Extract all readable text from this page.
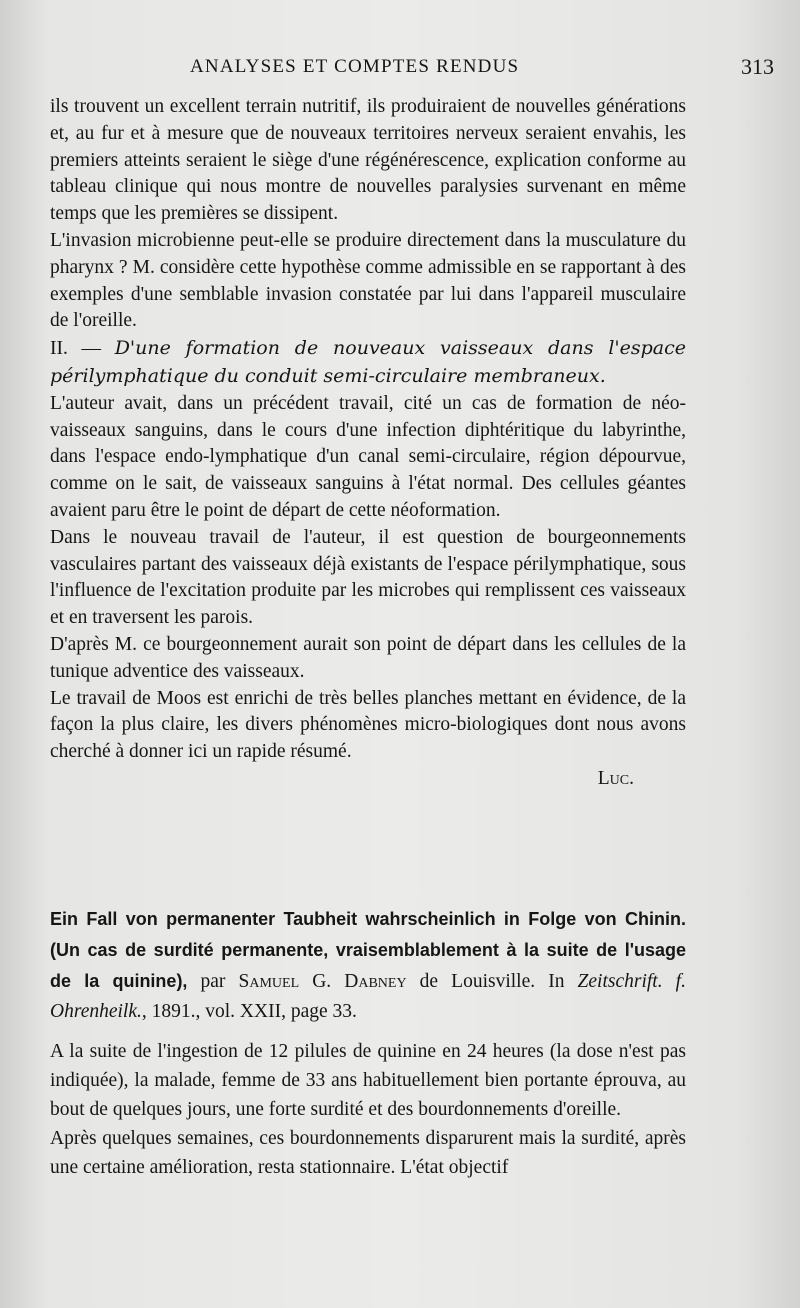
ANALYSES ET COMPTES RENDUS	313

ils trouvent un excellent terrain nutritif, ils produiraient de nouvelles générations et, au fur et à mesure que de nouveaux territoires nerveux seraient envahis, les premiers atteints seraient le siège d'une régénérescence, explication conforme au tableau clinique qui nous montre de nouvelles paralysies survenant en même temps que les premières se dissipent.

L'invasion microbienne peut-elle se produire directement dans la musculature du pharynx ? M. considère cette hypothèse comme admissible en se rapportant à des exemples d'une semblable invasion constatée par lui dans l'appareil musculaire de l'oreille.

II. — D'une formation de nouveaux vaisseaux dans l'espace périlymphatique du conduit semi-circulaire membraneux.

L'auteur avait, dans un précédent travail, cité un cas de formation de néo-vaisseaux sanguins, dans le cours d'une infection diphtéritique du labyrinthe, dans l'espace endo-lymphatique d'un canal semi-circulaire, région dépourvue, comme on le sait, de vaisseaux sanguins à l'état normal. Des cellules géantes avaient paru être le point de départ de cette néoformation.

Dans le nouveau travail de l'auteur, il est question de bourgeonnements vasculaires partant des vaisseaux déjà existants de l'espace périlymphatique, sous l'influence de l'excitation produite par les microbes qui remplissent ces vaisseaux et en traversent les parois.

D'après M. ce bourgeonnement aurait son point de départ dans les cellules de la tunique adventice des vaisseaux.

Le travail de Moos est enrichi de très belles planches mettant en évidence, de la façon la plus claire, les divers phénomènes micro-biologiques dont nous avons cherché à donner ici un rapide résumé.

Luc.

Ein Fall von permanenter Taubheit wahrscheinlich in Folge von Chinin. (Un cas de surdité permanente, vraisemblablement à la suite de l'usage de la quinine), par Samuel G. Dabney de Louisville. In Zeitschrift. f. Ohrenheilk., 1891., vol. XXII, page 33.

A la suite de l'ingestion de 12 pilules de quinine en 24 heures (la dose n'est pas indiquée), la malade, femme de 33 ans habituellement bien portante éprouva, au bout de quelques jours, une forte surdité et des bourdonnements d'oreille.

Après quelques semaines, ces bourdonnements disparurent mais la surdité, après une certaine amélioration, resta stationnaire. L'état objectif
